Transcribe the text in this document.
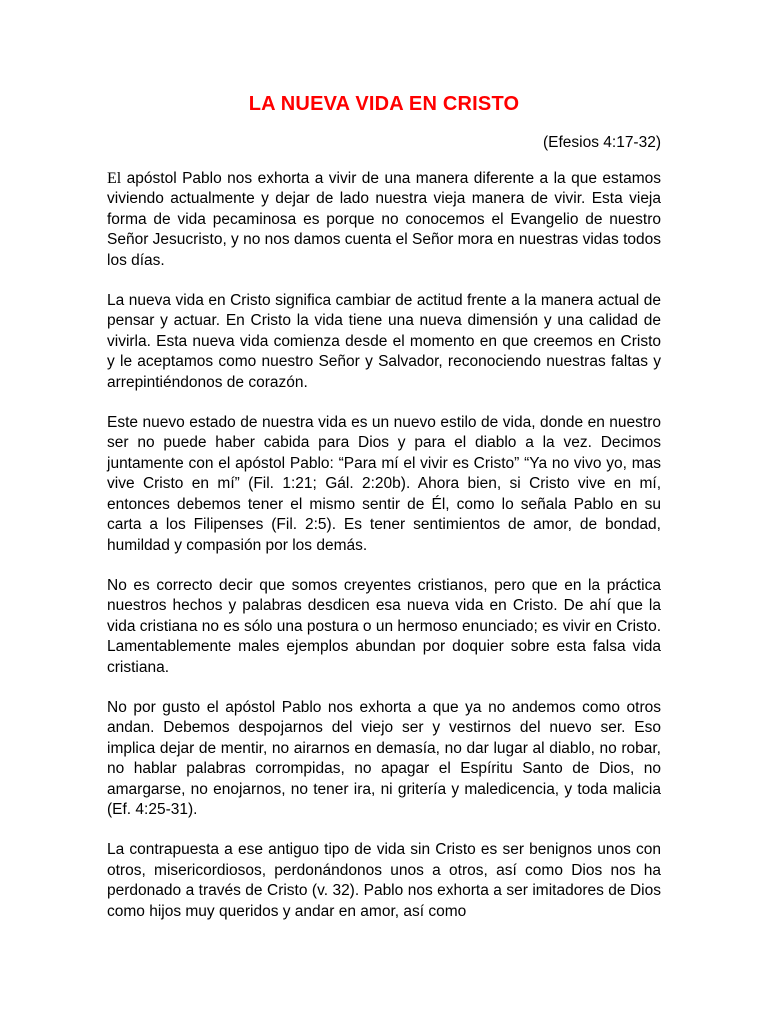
LA NUEVA VIDA EN CRISTO

(Efesios 4:17-32)

El apóstol Pablo nos exhorta a vivir de una manera diferente a la que estamos viviendo actualmente y dejar de lado nuestra vieja manera de vivir. Esta vieja forma de vida pecaminosa es porque no conocemos el Evangelio de nuestro Señor Jesucristo, y no nos damos cuenta el Señor mora en nuestras vidas todos los días.

La nueva vida en Cristo significa cambiar de actitud frente a la manera actual de pensar y actuar. En Cristo la vida tiene una nueva dimensión y una calidad de vivirla. Esta nueva vida comienza desde el momento en que creemos en Cristo y le aceptamos como nuestro Señor y Salvador, reconociendo nuestras faltas y arrepintiéndonos de corazón.

Este nuevo estado de nuestra vida es un nuevo estilo de vida, donde en nuestro ser no puede haber cabida para Dios y para el diablo a la vez. Decimos juntamente con el apóstol Pablo: “Para mí el vivir es Cristo” “Ya no vivo yo, mas vive Cristo en mí” (Fil. 1:21; Gál. 2:20b). Ahora bien, si Cristo vive en mí, entonces debemos tener el mismo sentir de Él, como lo señala Pablo en su carta a los Filipenses (Fil. 2:5). Es tener sentimientos de amor, de bondad, humildad y compasión por los demás.

No es correcto decir que somos creyentes cristianos, pero que en la práctica nuestros hechos y palabras desdicen esa nueva vida en Cristo. De ahí que la vida cristiana no es sólo una postura o un hermoso enunciado; es vivir en Cristo. Lamentablemente males ejemplos abundan por doquier sobre esta falsa vida cristiana.

No por gusto el apóstol Pablo nos exhorta a que ya no andemos como otros andan. Debemos despojarnos del viejo ser y vestirnos del nuevo ser. Eso implica dejar de mentir, no airarnos en demasía, no dar lugar al diablo, no robar, no hablar palabras corrompidas, no apagar el Espíritu Santo de Dios, no amargarse, no enojarnos, no tener ira, ni gritería y maledicencia, y toda malicia (Ef. 4:25-31).

La contrapuesta a ese antiguo tipo de vida sin Cristo es ser benignos unos con otros, misericordiosos, perdonándonos unos a otros, así como Dios nos ha perdonado a través de Cristo (v. 32). Pablo nos exhorta a ser imitadores de Dios como hijos muy queridos y andar en amor, así como
